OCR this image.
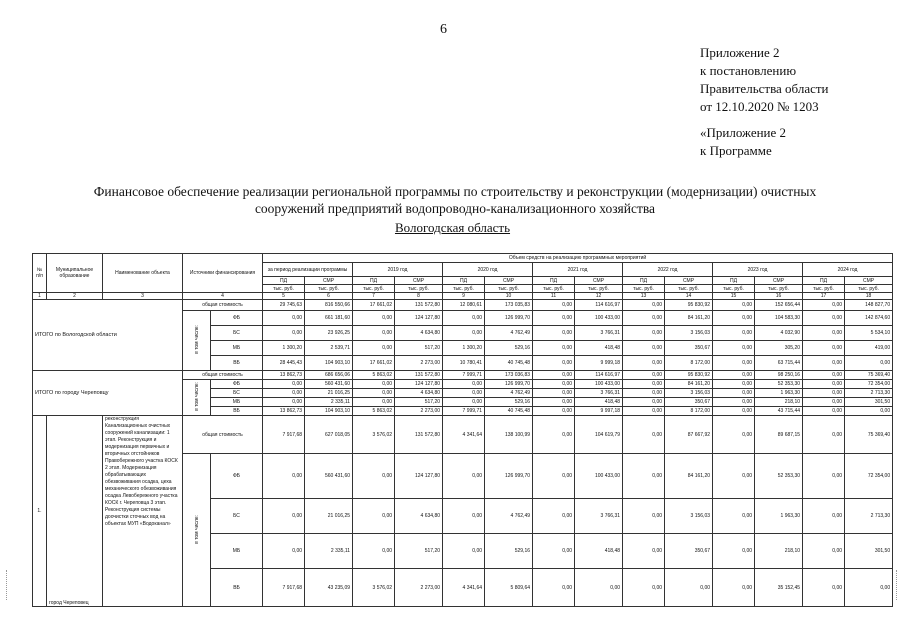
6
Приложение 2
к постановлению
Правительства области
от 12.10.2020 № 1203
«Приложение 2
к Программе
Финансовое обеспечение реализации региональной программы по строительству и реконструкции (модернизации) очистных
сооружений предприятий водопроводно-канализационного хозяйства
Вологодская область
№ п/п	Муниципальное образование	Наименование объекта	Источники финансирования		Объем средств на реализацию программных мероприятий													
					за период реализации программы		2019 год		2020 год		2021 год		2022 год		2023 год		2024 год	
					ПД	СМР	ПД	СМР	ПД	СМР	ПД	СМР	ПД	СМР	ПД	СМР	ПД	СМР
					тыс. руб.	тыс. руб.	тыс. руб.	тыс. руб.	тыс. руб.	тыс. руб.	тыс. руб.	тыс. руб.	тыс. руб.	тыс. руб.	тыс. руб.	тыс. руб.	тыс. руб.	тыс. руб.
1	2	3	4		5	6	7	8	9	10	11	12	13	14	15	16	17	18
ИТОГО по Вологодской области			общая стоимость		29 745,63	816 550,66	17 661,02	131 572,80	12 080,61	173 035,83	0,00	114 616,97	0,00	95 830,92	0,00	152 656,44	0,00	148 827,70
			в том числе:	ФБ	0,00	661 181,60	0,00	124 127,80	0,00	126 999,70	0,00	100 433,00	0,00	84 161,20	0,00	104 583,30	0,00	142 874,60
				БС	0,00	23 926,25	0,00	4 634,80	0,00	4 762,49	0,00	3 766,31	0,00	3 156,03	0,00	4 032,90	0,00	5 534,10
				МБ	1 300,20	2 539,71	0,00	517,20	1 300,20	529,16	0,00	418,48	0,00	350,67	0,00	305,20	0,00	419,00
				ВБ	28 445,43	104 903,10	17 661,02	2 273,00	10 780,41	40 745,48	0,00	9 999,18	0,00	8 172,00	0,00	63 715,44	0,00	0,00
ИТОГО по городу Череповцу			общая стоимость		13 862,73	686 656,06	5 863,02	131 572,80	7 999,71	173 036,83	0,00	114 616,97	0,00	95 830,92	0,00	98 250,16	0,00	75 369,40
			в том числе:	ФБ	0,00	560 431,60	0,00	124 127,80	0,00	126 999,70	0,00	100 433,00	0,00	84 161,20	0,00	52 353,30	0,00	72 354,00
				БС	0,00	21 016,25	0,00	4 634,80	0,00	4 762,49	0,00	3 766,31	0,00	3 156,03	0,00	1 963,30	0,00	2 713,30
				МБ	0,00	2 335,11	0,00	517,20	0,00	529,16	0,00	418,48	0,00	350,67	0,00	218,10	0,00	301,50
				ВБ	13 862,73	104 903,10	5 863,02	2 273,00	7 999,71	40 745,48	0,00	9 997,18	0,00	8 172,00	0,00	43 715,44	0,00	0,00
1.	город Череповец	реконструкция Канализационных очистных сооружений канализации: 1 этап. Реконструкция и модернизация первичных и вторичных отстойников Правобережного участка КОСК 2 этап. Модернизация обрабатывающих обезвоживания осадка, цеха механического обезвоживания осадка Левобережного участка КОСК г. Череповца 3 этап. Реконструкция системы доочистки сточных вод на объектах МУП «Водоканал»	общая стоимость		7 917,68	627 018,05	3 576,02	131 572,80	4 341,64	138 100,99	0,00	104 619,79	0,00	87 667,92	0,00	89 687,15	0,00	75 369,40
			в том числе:	ФБ	0,00	560 431,60	0,00	124 127,80	0,00	126 999,70	0,00	100 433,00	0,00	84 161,20	0,00	52 353,30	0,00	72 354,00
				БС	0,00	21 016,25	0,00	4 634,80	0,00	4 762,49	0,00	3 766,31	0,00	3 156,03	0,00	1 963,30	0,00	2 713,30
				МБ	0,00	2 335,11	0,00	517,20	0,00	529,16	0,00	418,48	0,00	350,67	0,00	218,10	0,00	301,50
				ВБ	7 917,68	43 235,09	3 576,02	2 273,00	4 341,64	5 809,64	0,00	0,00	0,00	0,00	0,00	35 152,45	0,00	0,00
